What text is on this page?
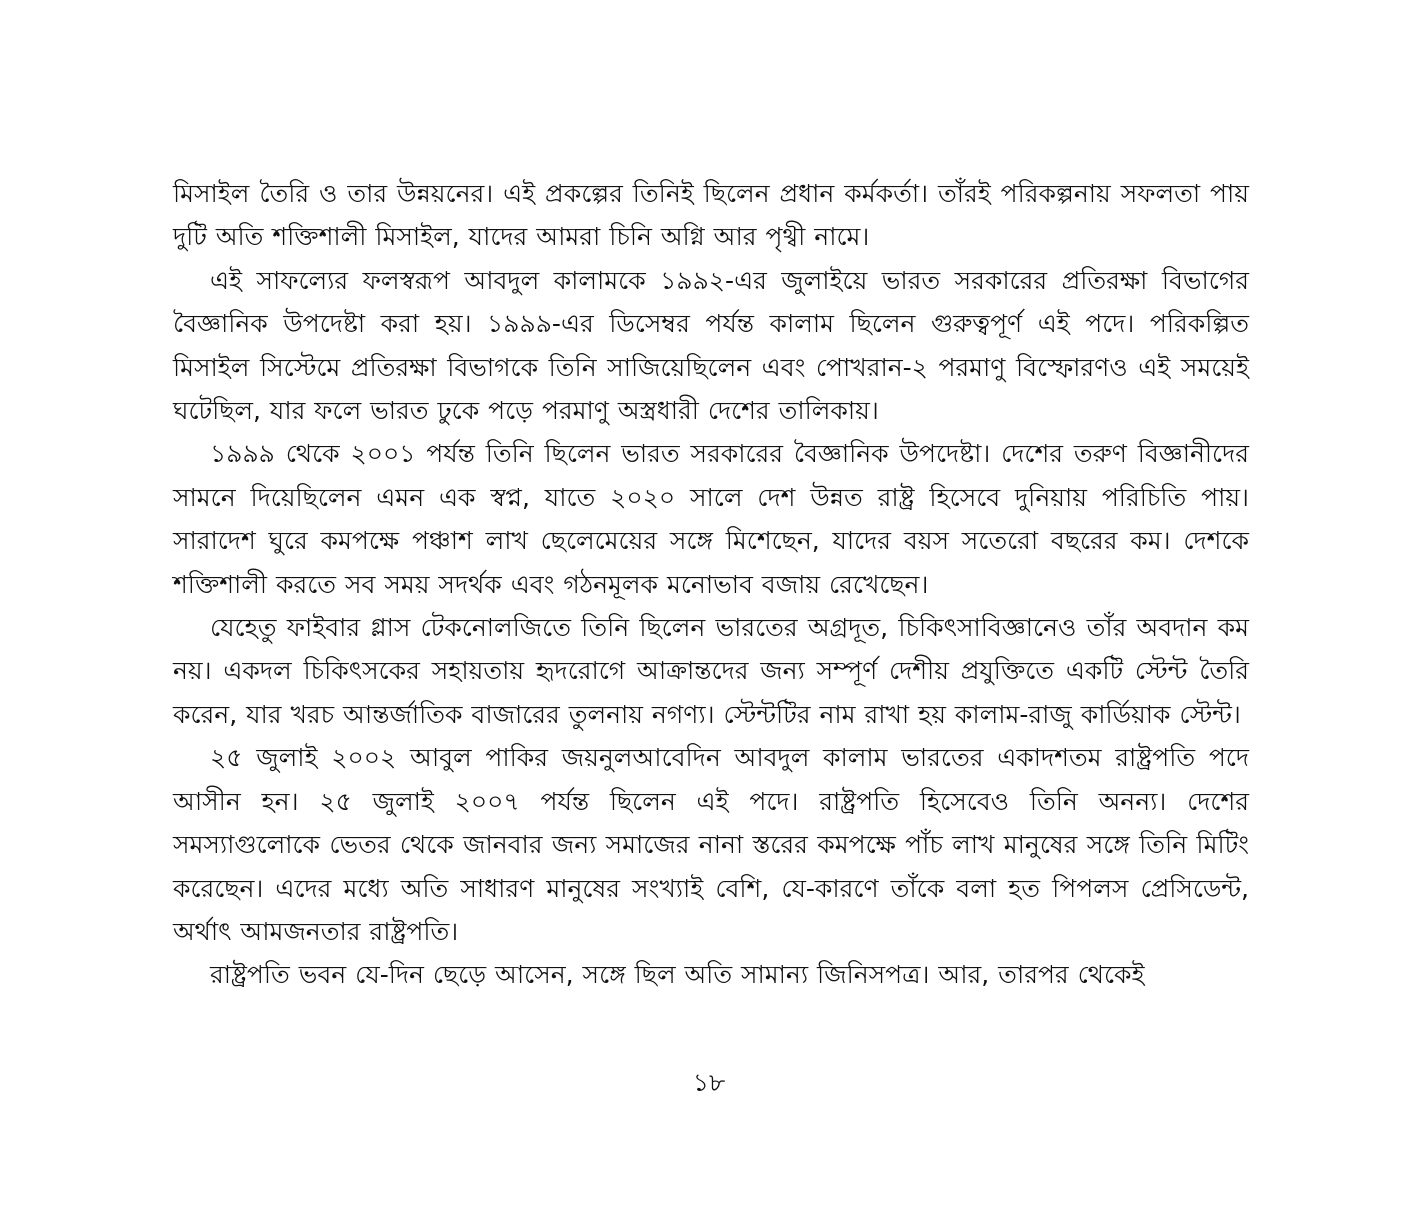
মিসাইল তৈরি ও তার উন্নয়নের। এই প্রকল্পের তিনিই ছিলেন প্রধান কর্মকর্তা। তাঁরই পরিকল্পনায় সফলতা পায় দুটি অতি শক্তিশালী মিসাইল, যাদের আমরা চিনি অগ্নি আর পৃথ্বী নামে।

এই সাফল্যের ফলস্বরূপ আবদুল কালামকে ১৯৯২-এর জুলাইয়ে ভারত সরকারের প্রতিরক্ষা বিভাগের বৈজ্ঞানিক উপদেষ্টা করা হয়। ১৯৯৯-এর ডিসেম্বর পর্যন্ত কালাম ছিলেন গুরুত্বপূর্ণ এই পদে। পরিকল্পিত মিসাইল সিস্টেমে প্রতিরক্ষা বিভাগকে তিনি সাজিয়েছিলেন এবং পোখরান-২ পরমাণু বিস্ফোরণও এই সময়েই ঘটেছিল, যার ফলে ভারত ঢুকে পড়ে পরমাণু অস্ত্রধারী দেশের তালিকায়।

১৯৯৯ থেকে ২০০১ পর্যন্ত তিনি ছিলেন ভারত সরকারের বৈজ্ঞানিক উপদেষ্টা। দেশের তরুণ বিজ্ঞানীদের সামনে দিয়েছিলেন এমন এক স্বপ্ন, যাতে ২০২০ সালে দেশ উন্নত রাষ্ট্র হিসেবে দুনিয়ায় পরিচিতি পায়। সারাদেশ ঘুরে কমপক্ষে পঞ্চাশ লাখ ছেলেমেয়ের সঙ্গে মিশেছেন, যাদের বয়স সতেরো বছরের কম। দেশকে শক্তিশালী করতে সব সময় সদর্থক এবং গঠনমূলক মনোভাব বজায় রেখেছেন।

যেহেতু ফাইবার গ্লাস টেকনোলজিতে তিনি ছিলেন ভারতের অগ্রদূত, চিকিৎসাবিজ্ঞানেও তাঁর অবদান কম নয়। একদল চিকিৎসকের সহায়তায় হৃদরোগে আক্রান্তদের জন্য সম্পূর্ণ দেশীয় প্রযুক্তিতে একটি স্টেন্ট তৈরি করেন, যার খরচ আন্তর্জাতিক বাজারের তুলনায় নগণ্য। স্টেন্টটির নাম রাখা হয় কালাম-রাজু কার্ডিয়াক স্টেন্ট।

২৫ জুলাই ২০০২ আবুল পাকির জয়নুলআবেদিন আবদুল কালাম ভারতের একাদশতম রাষ্ট্রপতি পদে আসীন হন। ২৫ জুলাই ২০০৭ পর্যন্ত ছিলেন এই পদে। রাষ্ট্রপতি হিসেবেও তিনি অনন্য। দেশের সমস্যাগুলোকে ভেতর থেকে জানবার জন্য সমাজের নানা স্তরের কমপক্ষে পাঁচ লাখ মানুষের সঙ্গে তিনি মিটিং করেছেন। এদের মধ্যে অতি সাধারণ মানুষের সংখ্যাই বেশি, যে-কারণে তাঁকে বলা হত পিপলস প্রেসিডেন্ট, অর্থাৎ আমজনতার রাষ্ট্রপতি।

রাষ্ট্রপতি ভবন যে-দিন ছেড়ে আসেন, সঙ্গে ছিল অতি সামান্য জিনিসপত্র। আর, তারপর থেকেই

১৮
